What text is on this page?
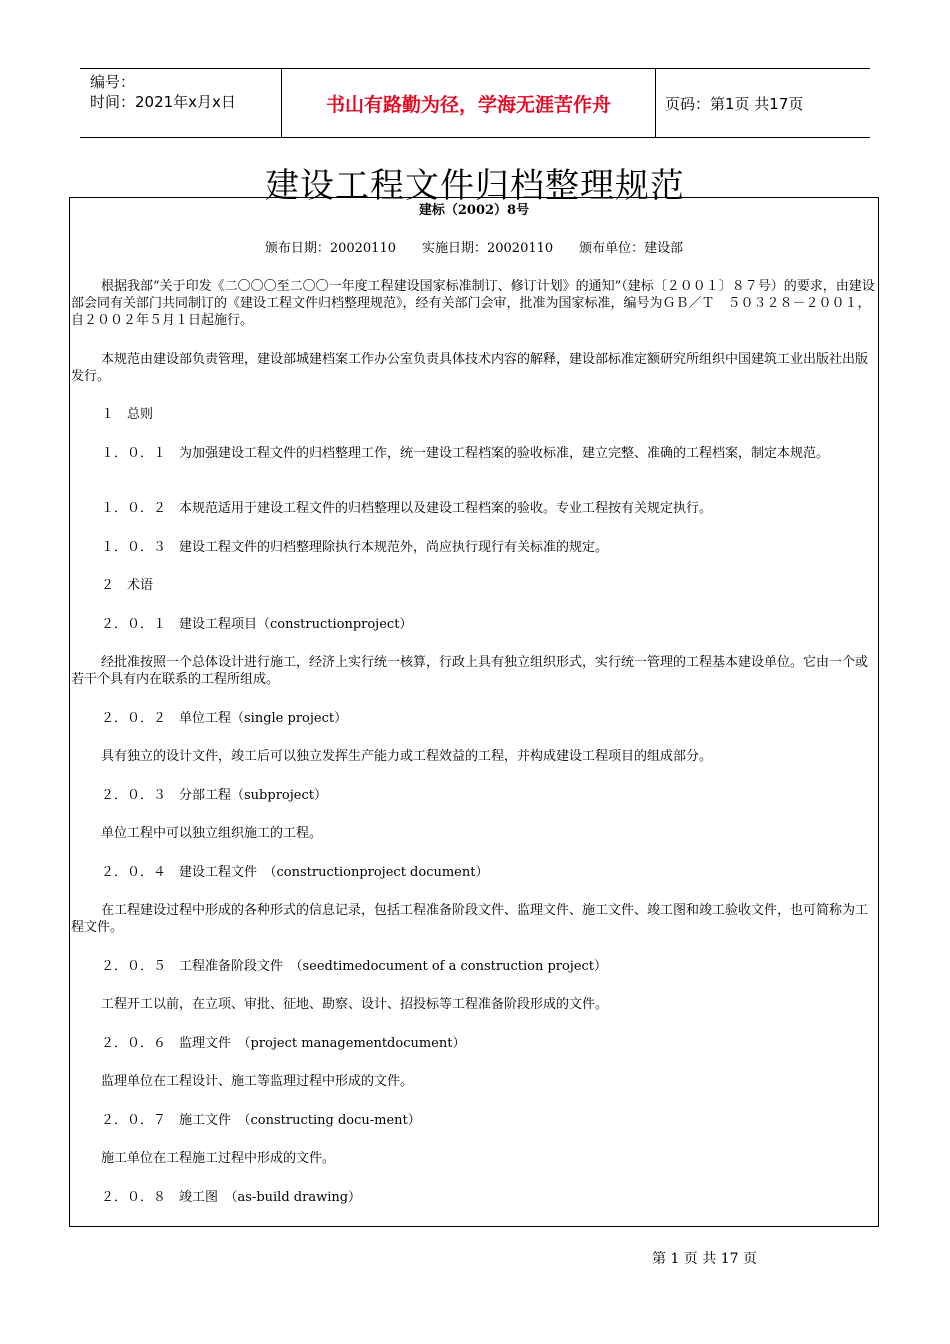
编号：
时间：2021年x月x日	书山有路勤为径，学海无涯苦作舟	页码：第1页 共17页
建设工程文件归档整理规范
建标（2002）8号
颁布日期：20020110　　实施日期：20020110　　颁布单位：建设部
根据我部“关于印发《二〇〇〇至二〇〇一年度工程建设国家标准制订、修订计划》的通知”（建标〔２００１〕８７号）的要求，由建设部会同有关部门共同制订的《建设工程文件归档整理规范》，经有关部门会审，批准为国家标准，编号为ＧＢ／Ｔ　５０３２８－２００１，自２００２年５月１日起施行。
本规范由建设部负责管理，建设部城建档案工作办公室负责具体技术内容的解释，建设部标准定额研究所组织中国建筑工业出版社出版发行。
１　总则
１．０．１　为加强建设工程文件的归档整理工作，统一建设工程档案的验收标准，建立完整、准确的工程档案，制定本规范。
１．０．２　本规范适用于建设工程文件的归档整理以及建设工程档案的验收。专业工程按有关规定执行。
１．０．３　建设工程文件的归档整理除执行本规范外，尚应执行现行有关标准的规定。
２　术语
２．０．１　建设工程项目（constructionproject）
经批准按照一个总体设计进行施工，经济上实行统一核算，行政上具有独立组织形式，实行统一管理的工程基本建设单位。它由一个或若干个具有内在联系的工程所组成。
２．０．２　单位工程（single project）
具有独立的设计文件，竣工后可以独立发挥生产能力或工程效益的工程，并构成建设工程项目的组成部分。
２．０．３　分部工程（subproject）
单位工程中可以独立组织施工的工程。
２．０．４　建设工程文件　（constructionproject document）
在工程建设过程中形成的各种形式的信息记录，包括工程准备阶段文件、监理文件、施工文件、竣工图和竣工验收文件，也可简称为工程文件。
２．０．５　工程准备阶段文件　（seedtimedocument of a construction project）
工程开工以前，在立项、审批、征地、勘察、设计、招投标等工程准备阶段形成的文件。
２．０．６　监理文件　（project managementdocument）
监理单位在工程设计、施工等监理过程中形成的文件。
２．０．７　施工文件　（constructing docu-ment）
施工单位在工程施工过程中形成的文件。
２．０．８　竣工图　（as-build drawing）
第 1 页 共 17 页
